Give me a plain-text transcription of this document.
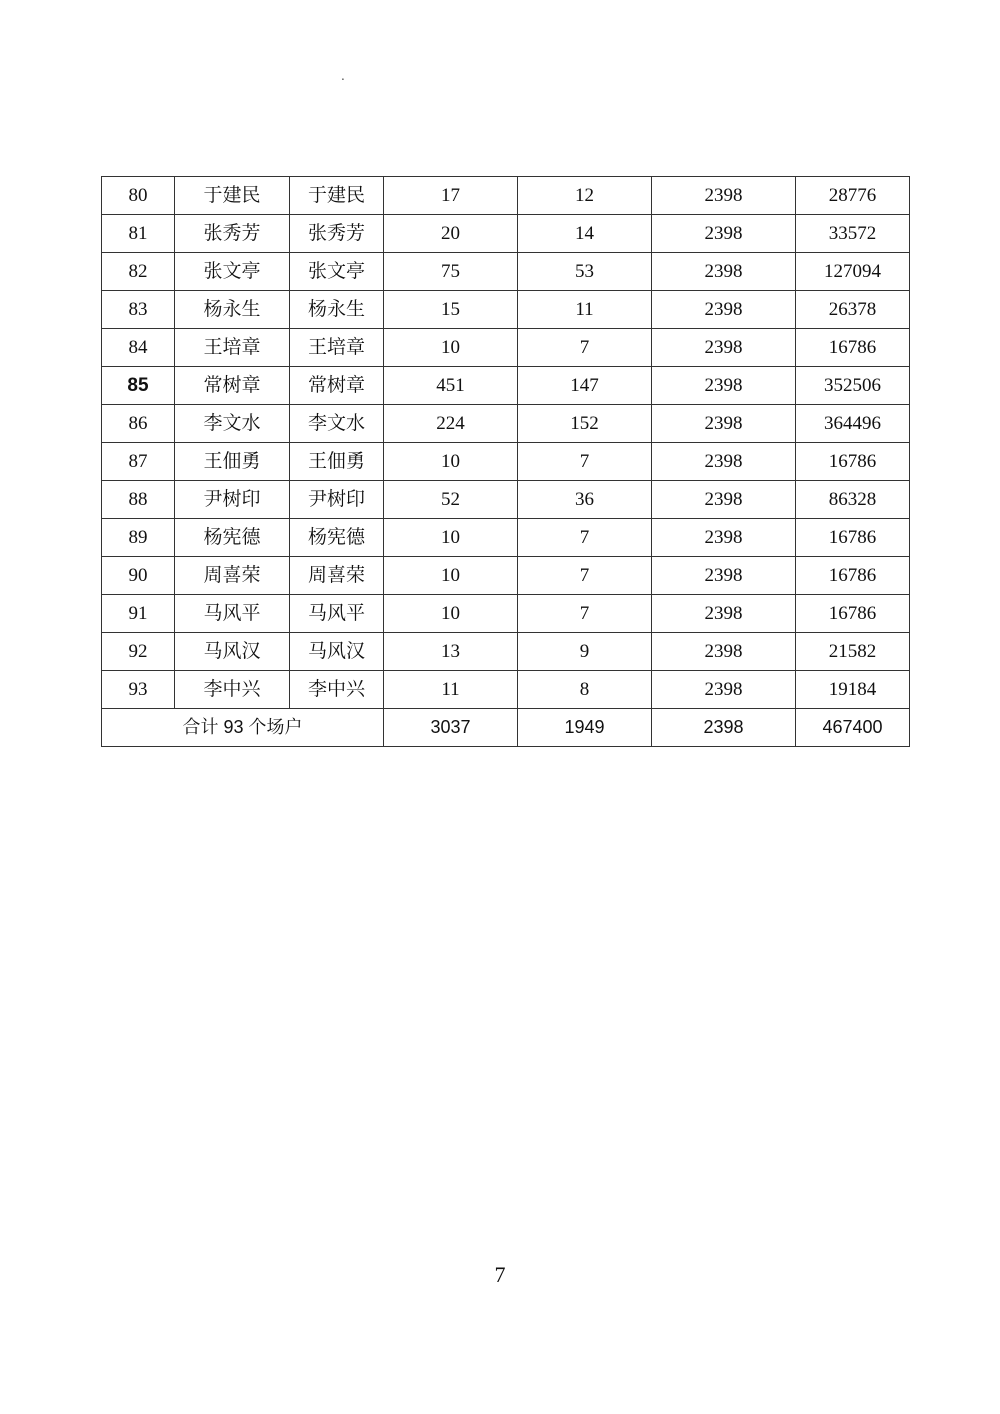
.
80	于建民	于建民	17	12	2398	28776
81	张秀芳	张秀芳	20	14	2398	33572
82	张文亭	张文亭	75	53	2398	127094
83	杨永生	杨永生	15	11	2398	26378
84	王培章	王培章	10	7	2398	16786
85	常树章	常树章	451	147	2398	352506
86	李文水	李文水	224	152	2398	364496
87	王佃勇	王佃勇	10	7	2398	16786
88	尹树印	尹树印	52	36	2398	86328
89	杨宪德	杨宪德	10	7	2398	16786
90	周喜荣	周喜荣	10	7	2398	16786
91	马风平	马风平	10	7	2398	16786
92	马风汉	马风汉	13	9	2398	21582
93	李中兴	李中兴	11	8	2398	19184
合计 93 个场户			3037	1949	2398	467400
7
